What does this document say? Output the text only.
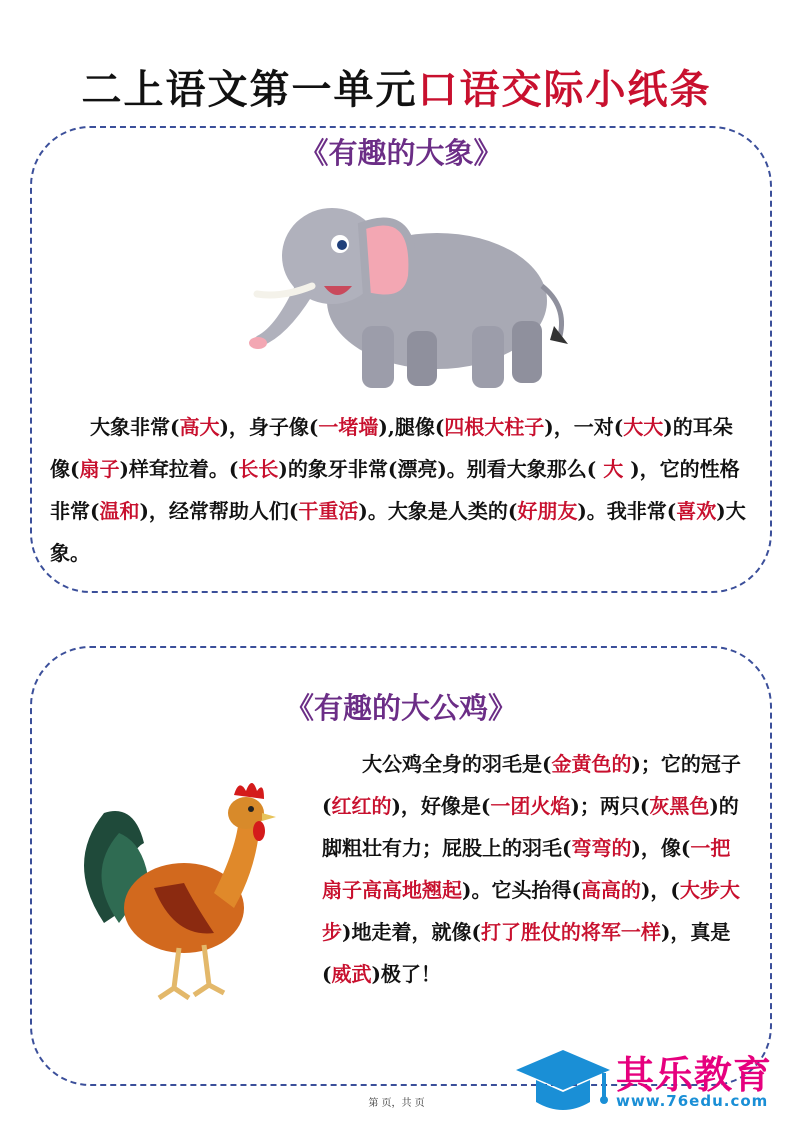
二上语文第一单元口语交际小纸条
《有趣的大象》
大象非常(高大)，身子像(一堵墙),腿像(四根大柱子)，一对(大大)的耳朵像(扇子)样耷拉着。(长长)的象牙非常(漂亮)。别看大象那么( 大 )，它的性格非常(温和)，经常帮助人们(干重活)。大象是人类的(好朋友)。我非常(喜欢)大象。
《有趣的大公鸡》
大公鸡全身的羽毛是(金黄色的)；它的冠子(红红的)，好像是(一团火焰)；两只(灰黑色)的脚粗壮有力；屁股上的羽毛(弯弯的)，像(一把扇子高高地翘起)。它头抬得(高高的)，(大步大步)地走着，就像(打了胜仗的将军一样)，真是(威武)极了！
第 页，共 页
其乐教育
www.76edu.com
